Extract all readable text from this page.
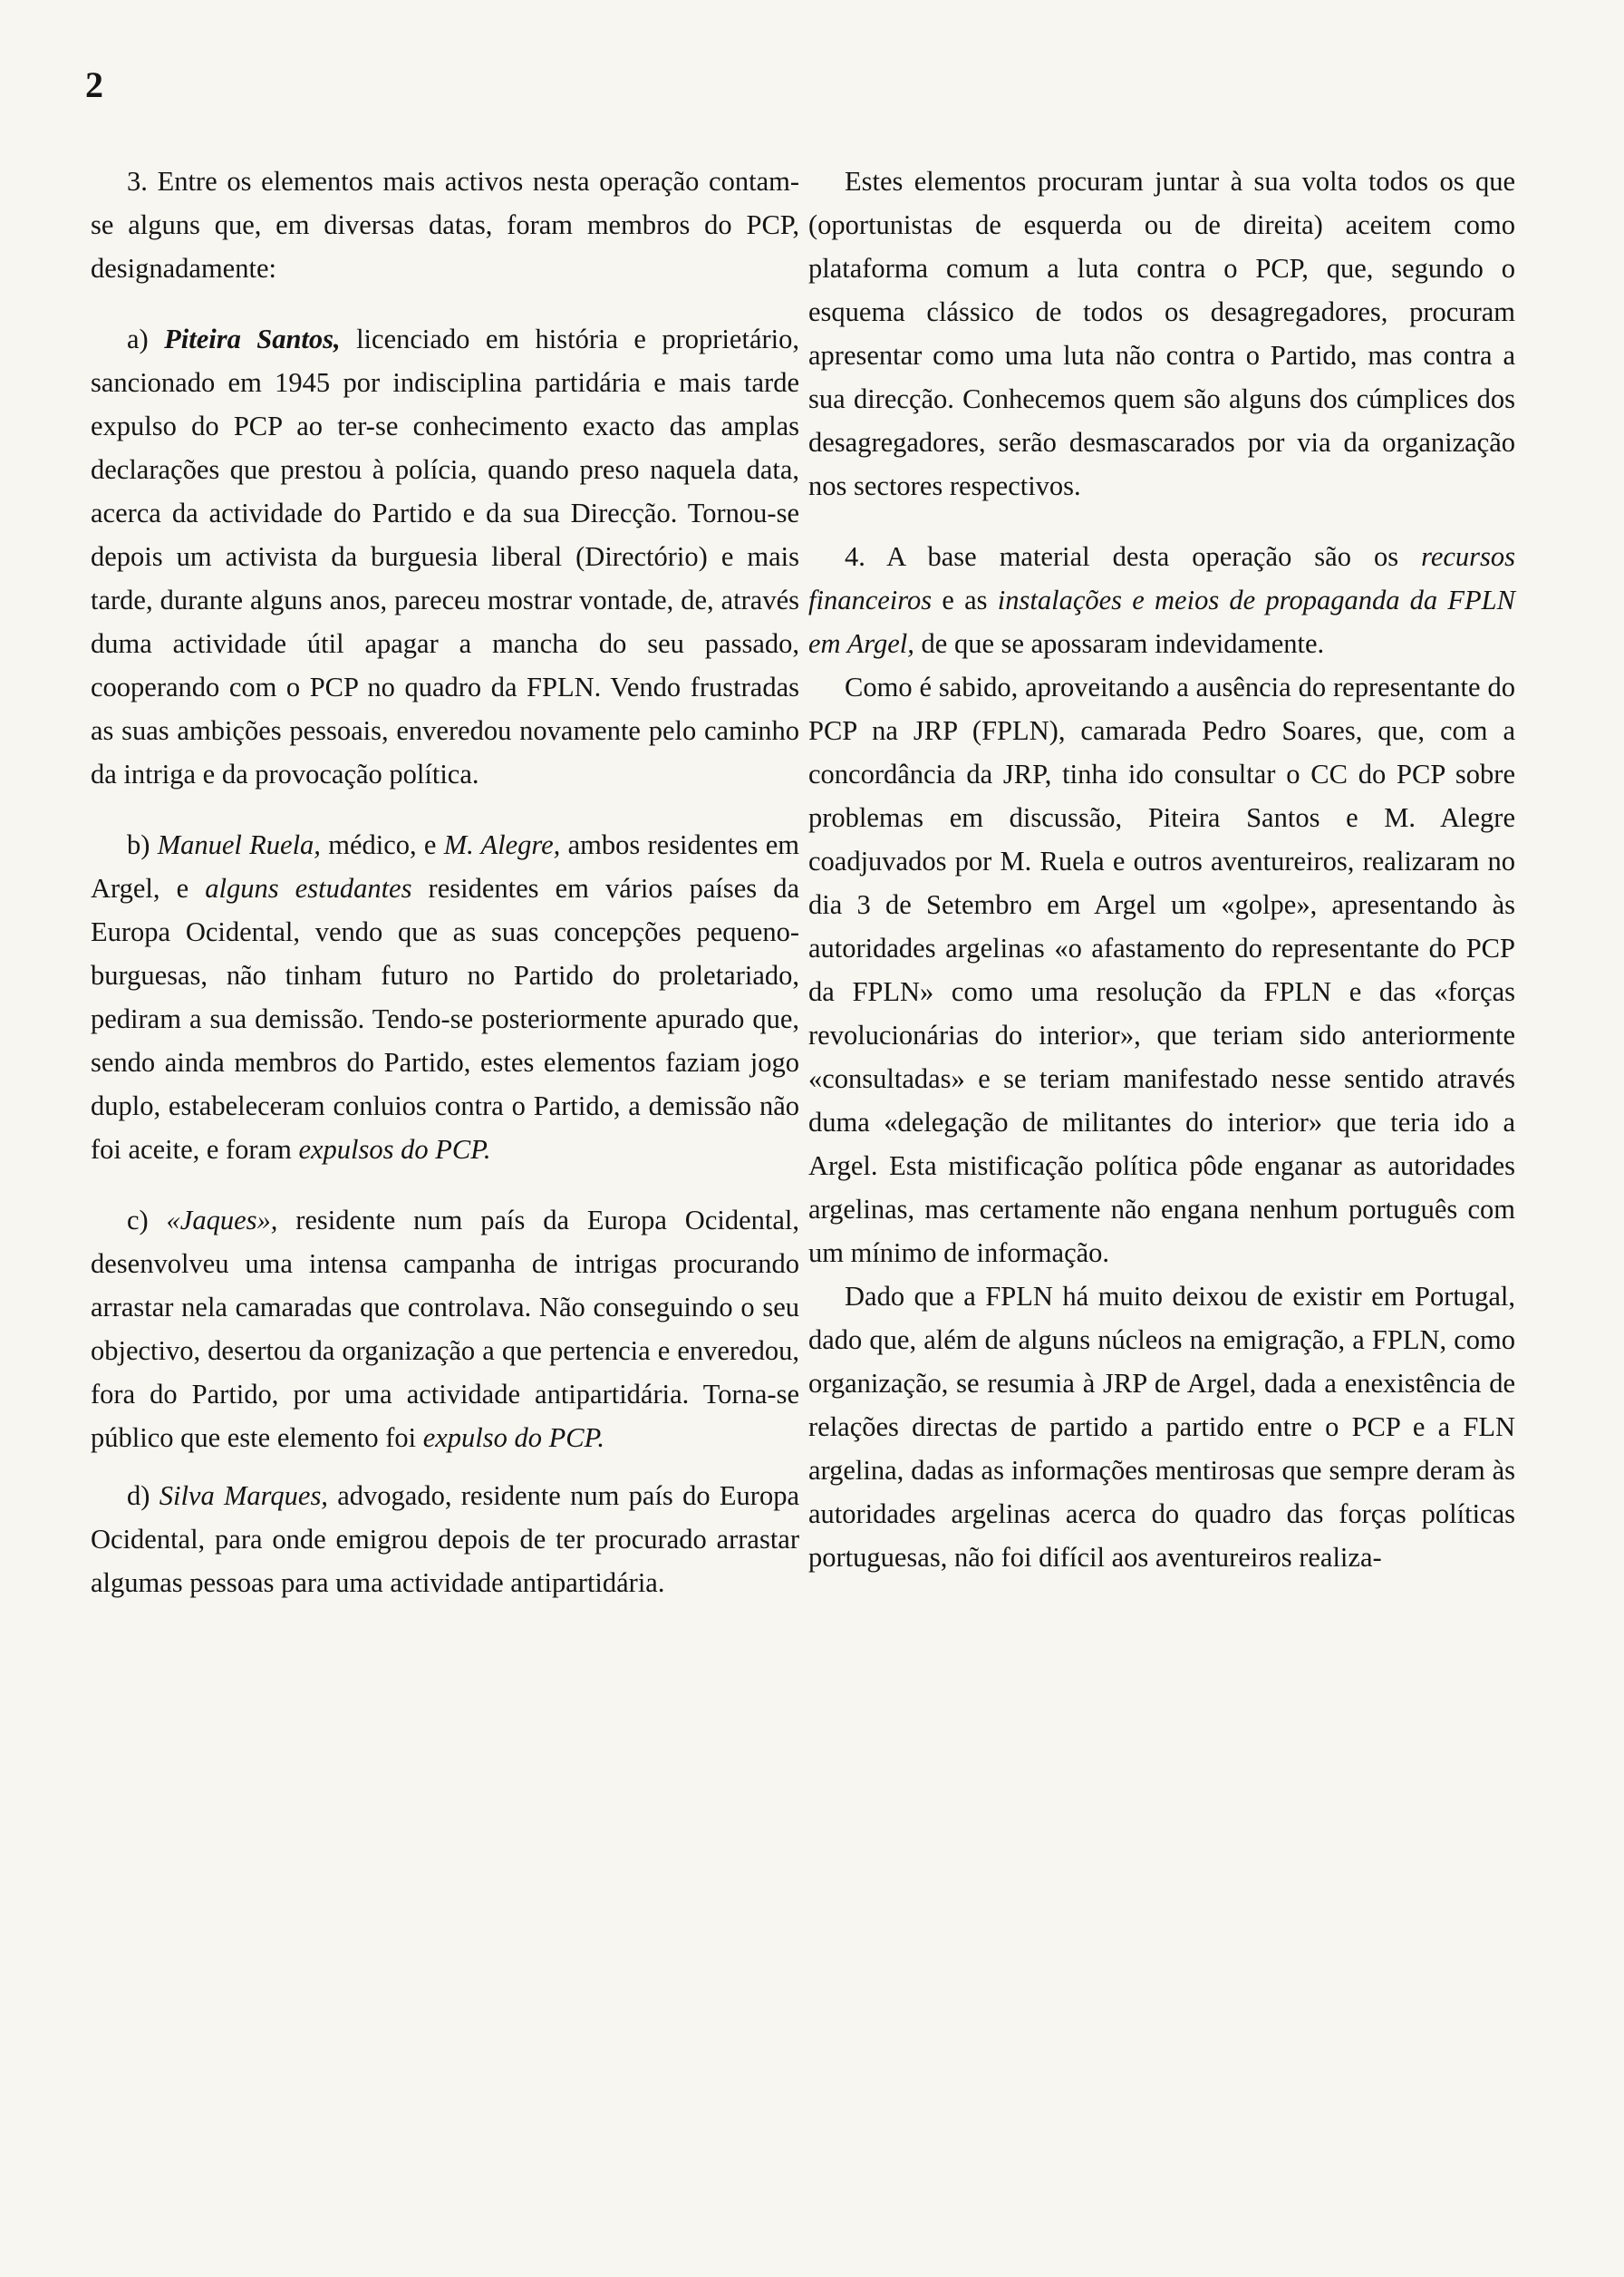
2

3. Entre os elementos mais activos nesta operação contam-se alguns que, em diversas datas, foram membros do PCP, designadamente:

a) Piteira Santos, licenciado em história e proprietário, sancionado em 1945 por indisciplina partidária e mais tarde expulso do PCP ao ter-se conhecimento exacto das amplas declarações que prestou à polícia, quando preso naquela data, acerca da actividade do Partido e da sua Direcção. Tornou-se depois um activista da burguesia liberal (Directório) e mais tarde, durante alguns anos, pareceu mostrar vontade, de, através duma actividade útil apagar a mancha do seu passado, cooperando com o PCP no quadro da FPLN. Vendo frustradas as suas ambições pessoais, enveredou novamente pelo caminho da intriga e da provocação política.

b) Manuel Ruela, médico, e M. Alegre, ambos residentes em Argel, e alguns estudantes residentes em vários países da Europa Ocidental, vendo que as suas concepções pequeno-burguesas, não tinham futuro no Partido do proletariado, pediram a sua demissão. Tendo-se posteriormente apurado que, sendo ainda membros do Partido, estes elementos faziam jogo duplo, estabeleceram conluios contra o Partido, a demissão não foi aceite, e foram expulsos do PCP.

c) «Jaques», residente num país da Europa Ocidental, desenvolveu uma intensa campanha de intrigas procurando arrastar nela camaradas que controlava. Não conseguindo o seu objectivo, desertou da organização a que pertencia e enveredou, fora do Partido, por uma actividade antipartidária. Torna-se público que este elemento foi expulso do PCP.

d) Silva Marques, advogado, residente num país do Europa Ocidental, para onde emigrou depois de ter procurado arrastar algumas pessoas para uma actividade antipartidária.

Estes elementos procuram juntar à sua volta todos os que (oportunistas de esquerda ou de direita) aceitem como plataforma comum a luta contra o PCP, que, segundo o esquema clássico de todos os desagregadores, procuram apresentar como uma luta não contra o Partido, mas contra a sua direcção. Conhecemos quem são alguns dos cúmplices dos desagregadores, serão desmascarados por via da organização nos sectores respectivos.

4. A base material desta operação são os recursos financeiros e as instalações e meios de propaganda da FPLN em Argel, de que se apossaram indevidamente.

Como é sabido, aproveitando a ausência do representante do PCP na JRP (FPLN), camarada Pedro Soares, que, com a concordância da JRP, tinha ido consultar o CC do PCP sobre problemas em discussão, Piteira Santos e M. Alegre coadjuvados por M. Ruela e outros aventureiros, realizaram no dia 3 de Setembro em Argel um «golpe», apresentando às autoridades argelinas «o afastamento do representante do PCP da FPLN» como uma resolução da FPLN e das «forças revolucionárias do interior», que teriam sido anteriormente «consultadas» e se teriam manifestado nesse sentido através duma «delegação de militantes do interior» que teria ido a Argel. Esta mistificação política pôde enganar as autoridades argelinas, mas certamente não engana nenhum português com um mínimo de informação.

Dado que a FPLN há muito deixou de existir em Portugal, dado que, além de alguns núcleos na emigração, a FPLN, como organização, se resumia à JRP de Argel, dada a enexistência de relações directas de partido a partido entre o PCP e a FLN argelina, dadas as informações mentirosas que sempre deram às autoridades argelinas acerca do quadro das forças políticas portuguesas, não foi difícil aos aventureiros realiza-
